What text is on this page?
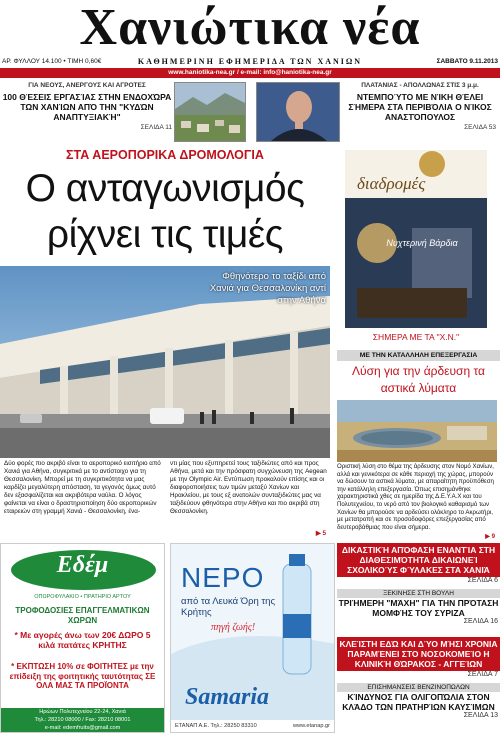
Χανιώτικα νέα
ΑΡ. ΦΥΛΛΟΥ 14.100 • ΤΙΜΗ 0,60€	ΚΑΘΗΜΕΡΙΝΗ ΕΦΗΜΕΡΙΔΑ ΤΩΝ ΧΑΝΙΩΝ	ΣΑΒΒΑΤΟ 9.11.2013
www.haniotika-nea.gr / e-mail: info@haniotika-nea.gr
ΓΙΑ ΝΕΟΥΣ, ΑΝΕΡΓΟΥΣ ΚΑΙ ΑΓΡΟΤΕΣ
100 ΘΈΣΕΙΣ ΕΡΓΑΣΊΑΣ ΣΤΗΝ ΕΝΔΟΧΏΡΑ ΤΩΝ ΧΑΝΊΩΝ ΑΠΌ ΤΗΝ "ΚΥΔΏΝ ΑΝΑΠΤΥΞΙΑΚΉ"
ΣΕΛΙΔΑ 11
ΠΛΑΤΑΝΙΑΣ - ΑΠΟΛΛΩΝΑΣ ΣΤΙΣ 3 μ.μ.
ΝΤΕΜΠΟΎΤΟ ΜΕ ΝΊΚΗ ΘΈΛΕΙ ΣΉΜΕΡΑ ΣΤΑ ΠΕΡΙΒΌΛΙΑ Ο ΝΊΚΟΣ ΑΝΑΣΤΌΠΟΥΛΟΣ
ΣΕΛΙΔΑ 53
ΣΤΑ ΑΕΡΟΠΟΡΙΚΑ ΔΡΟΜΟΛΟΓΙΑ
Ο ανταγωνισμός
ρίχνει τις τιμές
Φθηνότερο το ταξίδι από Χανιά για Θεσσαλονίκη αντί στην Αθήνα
Δύο φορές πιο ακριβό είναι το αεροπορικό εισιτήριο από Χανιά για Αθήνα, συγκριτικά με το αντίστοιχο για τη Θεσσαλονίκη. Μπορεί με τη συγκριτικότητα να μας καρδίζει μεγαλύτερη απόσταση, τα γεγονός όμως αυτό δεν εξασφαλίζεται και ακριβότερα ναύλα. Ο λόγος φαίνεται να είναι ο δραστηριοποίηση δύο αεροπορικών εταιρειών στη γραμμή Χανιά - Θεσσαλονίκη, ένα-
ντι μίας που εξυπηρετεί τους ταξιδιώτες από και προς Αθήνα, μετά και την πρόσφατη συγχώνευση της Aegean με την Olympic Air. Εντύπωση προκαλούν επίσης και οι διαφοροποιήσεις των τιμών μεταξύ Χανίων και Ηρακλείου, με τους εξ ανατολών συνταξιδιώτες μας να ταξιδεύουν φθηνότερα στην Αθήνα και πιο ακριβά στη Θεσσαλονίκη.
▶ 5
διαδρομές
Νυχτερινή Βάρδια
ΣΗΜΕΡΑ ΜΕ ΤΑ "Χ.Ν."
ΜΕ ΤΗΝ ΚΑΤΑΛΛΗΛΗ ΕΠΕΞΕΡΓΑΣΙΑ
Λύση για την άρδευση τα αστικά λύματα
Οριστική λύση στο θέμα της άρδευσης στον Νομό Χανίων, αλλά και γενικότερα σε κάθε περιοχή της χώρας, μπορούν να δώσουν τα αστικά λύματα, με απαραίτητη προϋπόθεση την κατάλληλη επεξεργασία. Όπως επισημάνθηκε χαρακτηριστικά χθες σε ημερίδα της Δ.Ε.Υ.Α.Χ και του Πολυτεχνείου, το νερό από τον βιολογικό καθαρισμό των Χανίων θα μπορούσε να αρδεύσει ολόκληρο το Ακρωτήρι, με μετατροπή και σε προσοδοφόρες επεξεργασίας από δευτεροβάθμιας που είναι σήμερα.
▶ 9
Εδέμ
ΟΠΩΡΟΦΥΛΑΚΙΟ • ΠΡΑΤΗΡΙΟ ΑΡΤΟΥ
ΤΡΟΦΟΔΟΣΙΕΣ ΕΠΑΓΓΕΛΜΑΤΙΚΩΝ ΧΩΡΩΝ
* Με αγορές άνω των 20€ ΔΩΡΟ 5 κιλά πατάτες ΚΡΗΤΗΣ
* ΕΚΠΤΩΣΗ 10% σε ΦΟΙΤΗΤΕΣ με την επίδειξη της φοιτητικής ταυτότητας ΣΕ ΟΛΑ ΜΑΣ ΤΑ ΠΡΟΪΟΝΤΑ
Ηρώων Πολυτεχνείου 22-24, Χανιά
Τηλ.: 28210 08000 / Fax: 28210 08001
e-mail: edemfruits@gmail.com
ΝΕΡΟ
από τα Λευκά Όρη της Κρήτης
πηγή ζωής!
Samaria
ΕΤΑΝΑΠ Α.Ε. Τηλ.: 28250 83310	www.etanap.gr
ΔΙΚΑΣΤΙΚΉ ΑΠΌΦΑΣΗ ΕΝΑΝΤΊΑ ΣΤΗ ΔΙΑΘΕΣΙΜΌΤΗΤΑ ΔΙΚΑΙΩΝΕΊ ΣΧΟΛΙΚΟΎΣ ΦΎΛΑΚΕΣ ΣΤΑ ΧΑΝΙΆ
ΣΕΛΙΔΑ 6
ΞΕΚΙΝΗΣΕ ΣΤΗ ΒΟΥΛΗ
ΤΡΙΉΜΕΡΗ "ΜΆΧΗ" ΓΙΑ ΤΗΝ ΠΡΌΤΑΣΗ ΜΟΜΦΉΣ ΤΟΥ ΣΥΡΙΖΑ
ΣΕΛΙΔΑ 16
ΚΛΕΊΣΤΗ ΕΔΏ ΚΑΙ ΔΎΟ ΜΉΣΙ ΧΡΟΝΙΑ ΠΑΡΑΜΈΝΕΙ ΣΤΟ ΝΟΣΟΚΟΜΕΊΟ Η ΚΛΙΝΙΚΉ ΘΏΡΑΚΟΣ - ΑΓΓΕΊΩΝ
ΣΕΛΙΔΑ 7
ΕΠΙΣΗΜΑΝΣΕΙΣ ΒΕΝΖΙΝΟΠΩΛΩΝ
ΚΊΝΔΥΝΟΣ ΓΙΑ ΟΛΙΓΟΠΏΛΙΑ ΣΤΟΝ ΚΛΆΔΟ ΤΩΝ ΠΡΑΤΗΡΊΩΝ ΚΑΥΣΊΜΩΝ
ΣΕΛΙΔΑ 13
